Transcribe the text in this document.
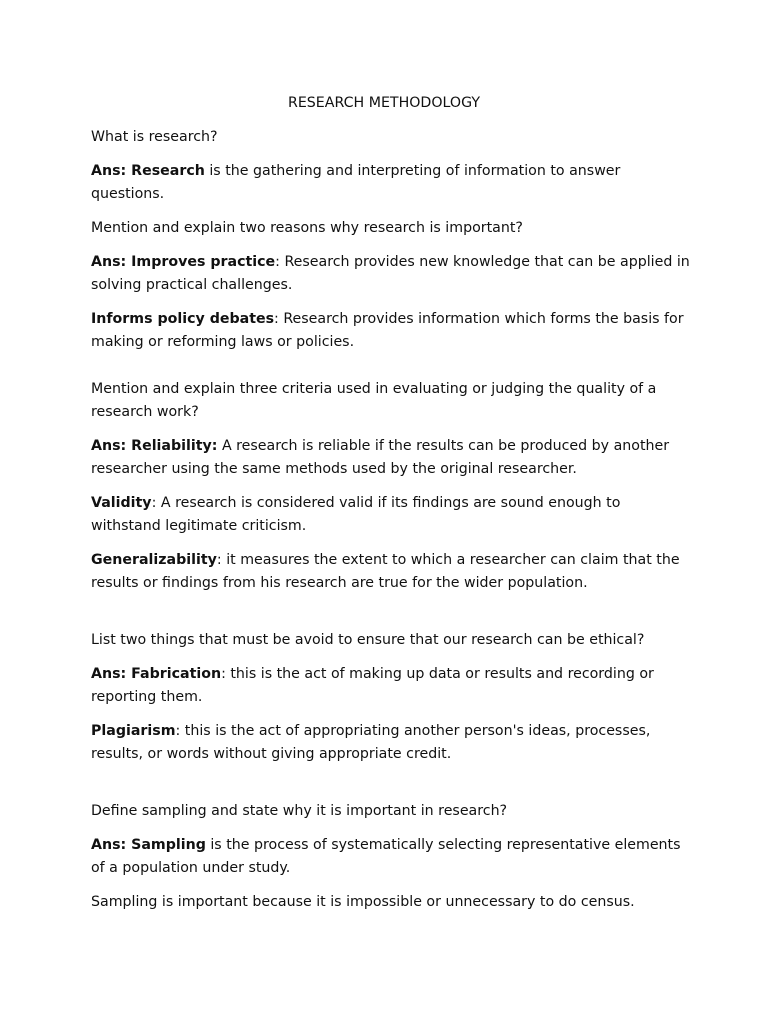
RESEARCH METHODOLOGY
What is research?
Ans: Research is the gathering and interpreting of information to answer
questions.
Mention and explain two reasons why research is important?
Ans: Improves practice: Research provides new knowledge that can be applied in
solving practical challenges.
Informs policy debates: Research provides information which forms the basis for
making or reforming laws or policies.
Mention and explain three criteria used in evaluating or judging the quality of a
research work?
Ans: Reliability: A research is reliable if the results can be produced by another
researcher using the same methods used by the original researcher.
Validity: A research is considered valid if its findings are sound enough to
withstand legitimate criticism.
Generalizability: it measures the extent to which a researcher can claim that the
results or findings from his research are true for the wider population.
List two things that must be avoid to ensure that our research can be ethical?
Ans: Fabrication: this is the act of making up data or results and recording or
reporting them.
Plagiarism: this is the act of appropriating another person's ideas, processes,
results, or words without giving appropriate credit.
Define sampling and state why it is important in research?
Ans: Sampling is the process of systematically selecting representative elements
of a population under study.
Sampling is important because it is impossible or unnecessary to do census.
